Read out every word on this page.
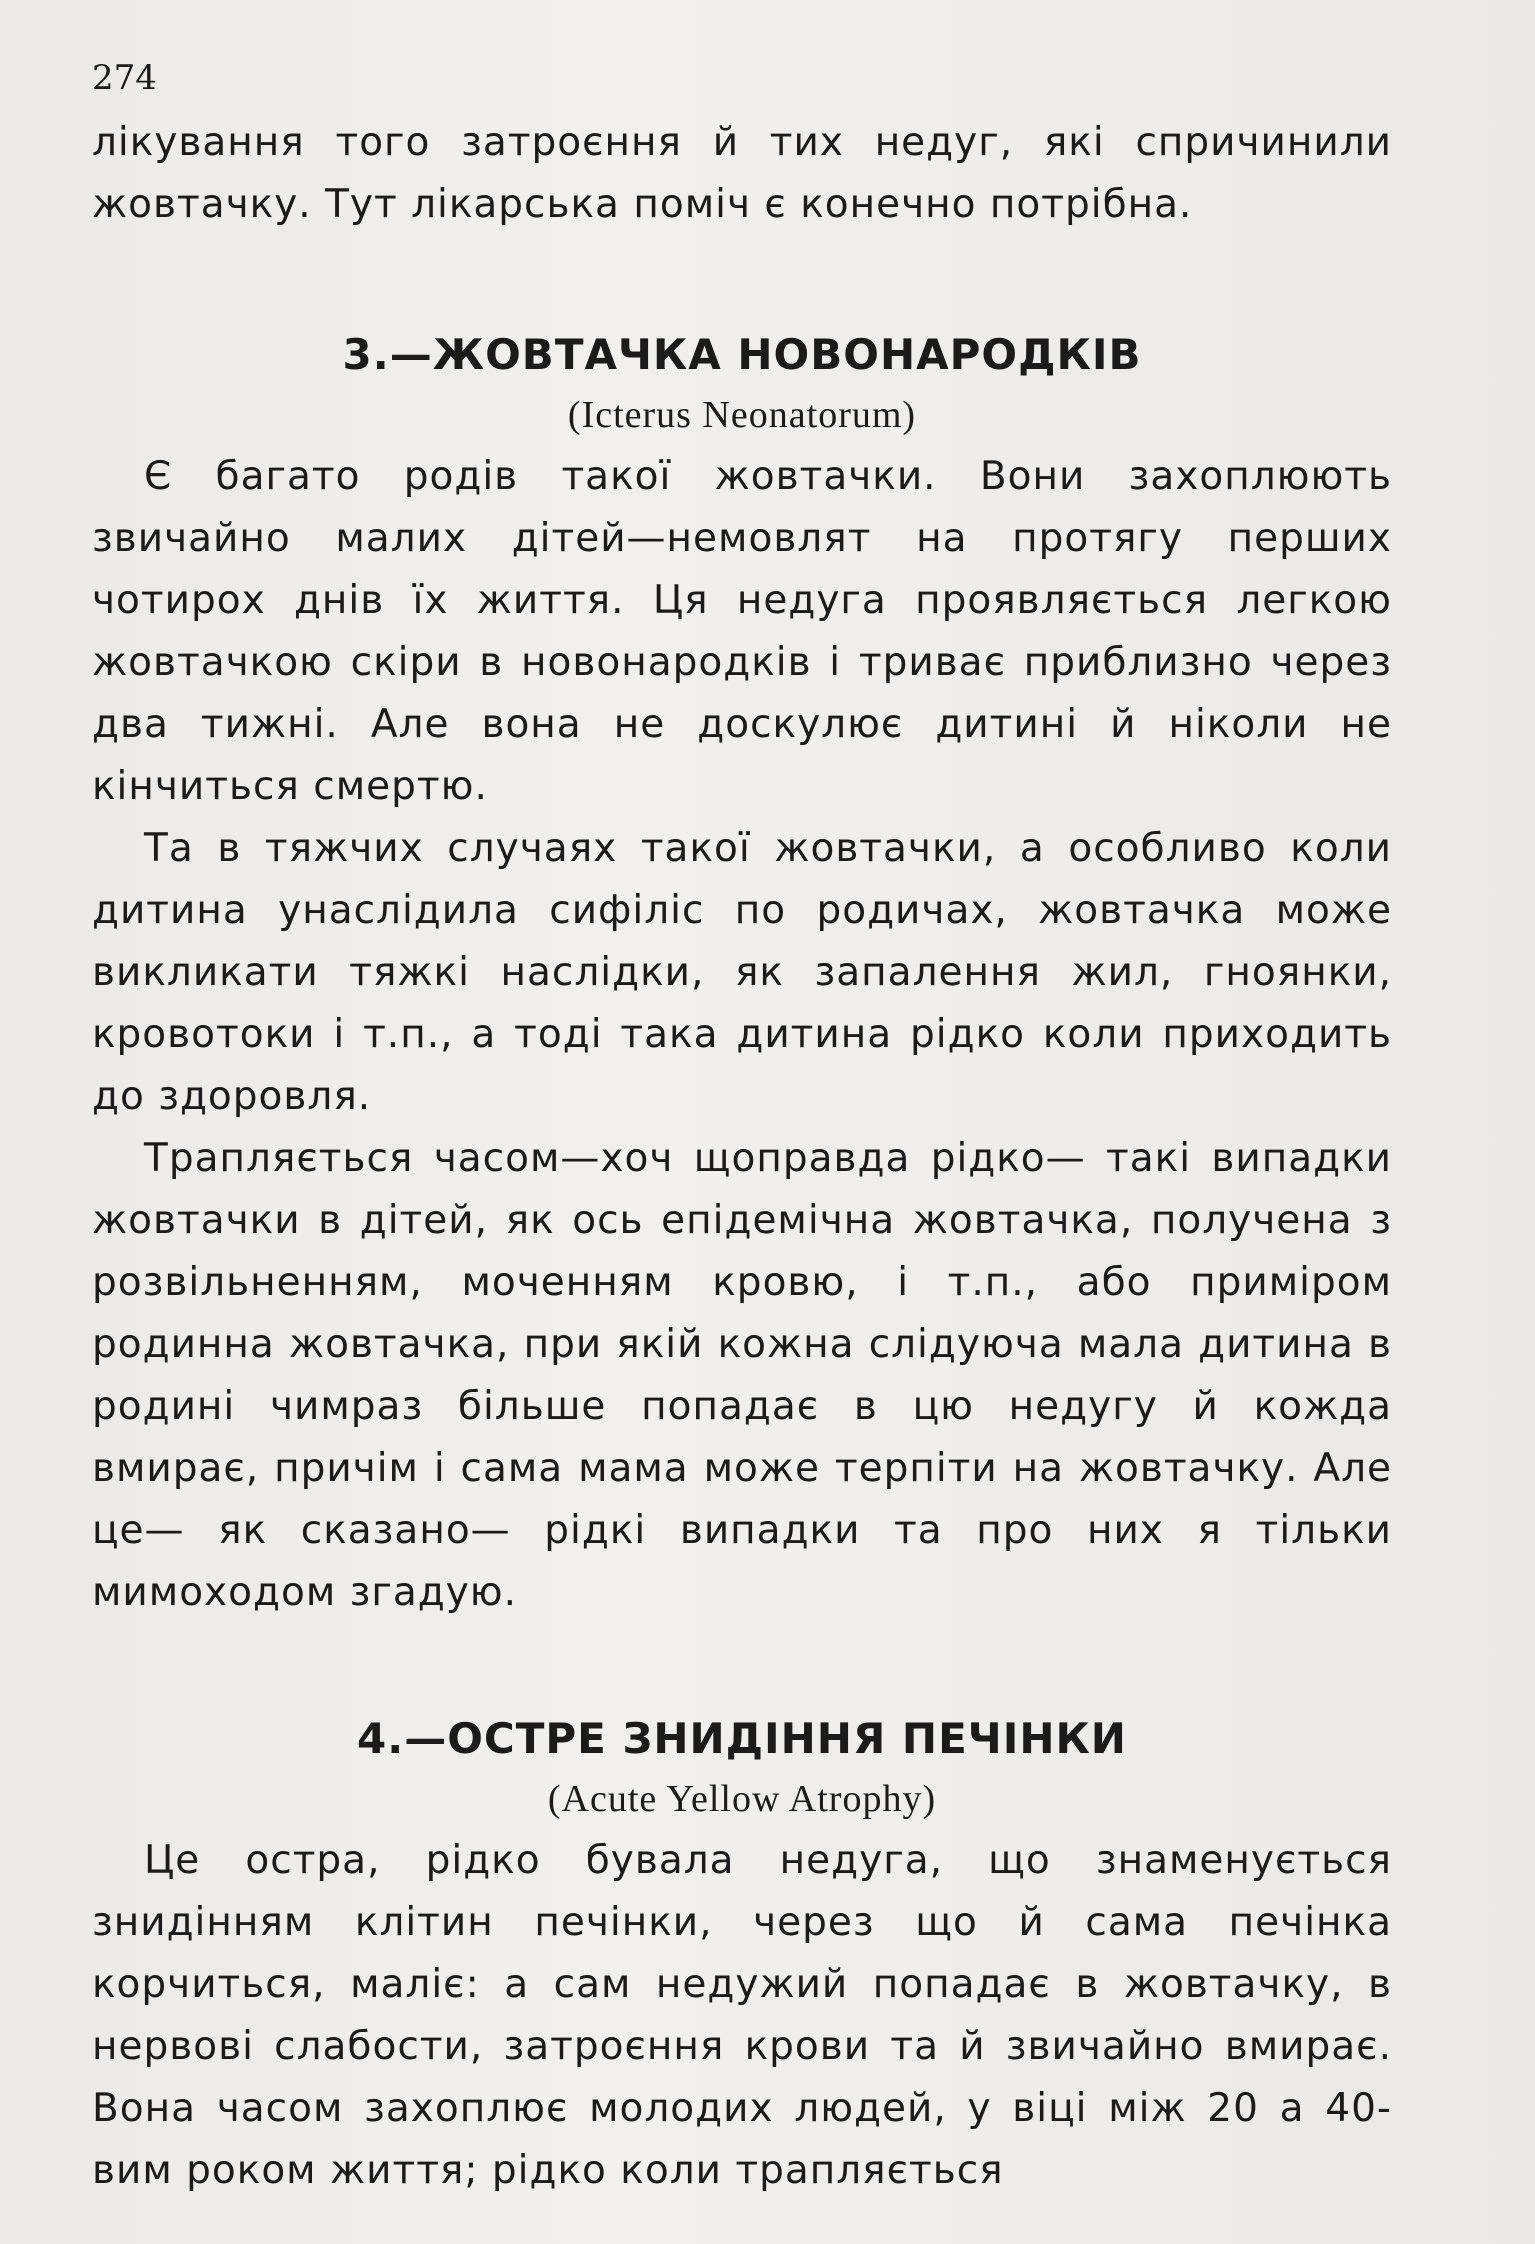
274

лікування того затроєння й тих недуг, які спричинили жовтачку. Тут лікарська поміч є конечно потрібна.

3.—ЖОВТАЧКА НОВОНАРОДКІВ
(Icterus Neonatorum)

Є багато родів такої жовтачки. Вони захоплюють звичайно малих дітей—немовлят на протягу перших чотирох днів їх життя. Ця недуга проявляється легкою жовтачкою скіри в новонародків і триває приблизно через два тижні. Але вона не доскулює дитині й ніколи не кінчиться смертю.

Та в тяжчих случаях такої жовтачки, а особливо коли дитина унаслідила сифіліс по родичах, жовтачка може викликати тяжкі наслідки, як запалення жил, гноянки, кровотоки і т.п., а тоді така дитина рідко коли приходить до здоровля.

Трапляється часом—хоч щоправда рідко— такі випадки жовтачки в дітей, як ось епідемічна жовтачка, получена з розвільненням, моченням кровю, і т.п., або приміром родинна жовтачка, при якій кожна слідуюча мала дитина в родині чимраз більше попадає в цю недугу й кожда вмирає, причім і сама мама може терпіти на жовтачку. Але це— як сказано— рідкі випадки та про них я тільки мимоходом згадую.

4.—ОСТРЕ ЗНИДІННЯ ПЕЧІНКИ
(Acute Yellow Atrophy)

Це остра, рідко бувала недуга, що знаменується знидінням клітин печінки, через що й сама печінка корчиться, маліє: а сам недужий попадає в жовтачку, в нервові слабости, затроєння крови та й звичайно вмирає. Вона часом захоплює молодих людей, у віці між 20 а 40-вим роком життя; рідко коли трапляється
